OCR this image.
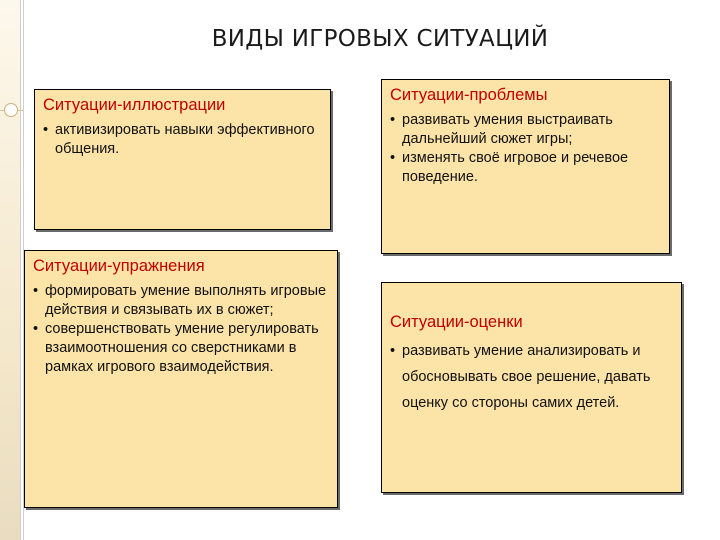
ВИДЫ ИГРОВЫХ СИТУАЦИЙ

Ситуации-иллюстрации

• активизировать навыки эффективного общения.

Ситуации-проблемы

• развивать умения выстраивать дальнейший сюжет игры;
• изменять своё игровое и речевое поведение.

Ситуации-упражнения

• формировать умение выполнять игровые действия и связывать их в сюжет;
• совершенствовать умение регулировать взаимоотношения со сверстниками в рамках игрового взаимодействия.

Ситуации-оценки

• развивать умение анализировать и обосновывать свое решение, давать оценку со стороны самих детей.
